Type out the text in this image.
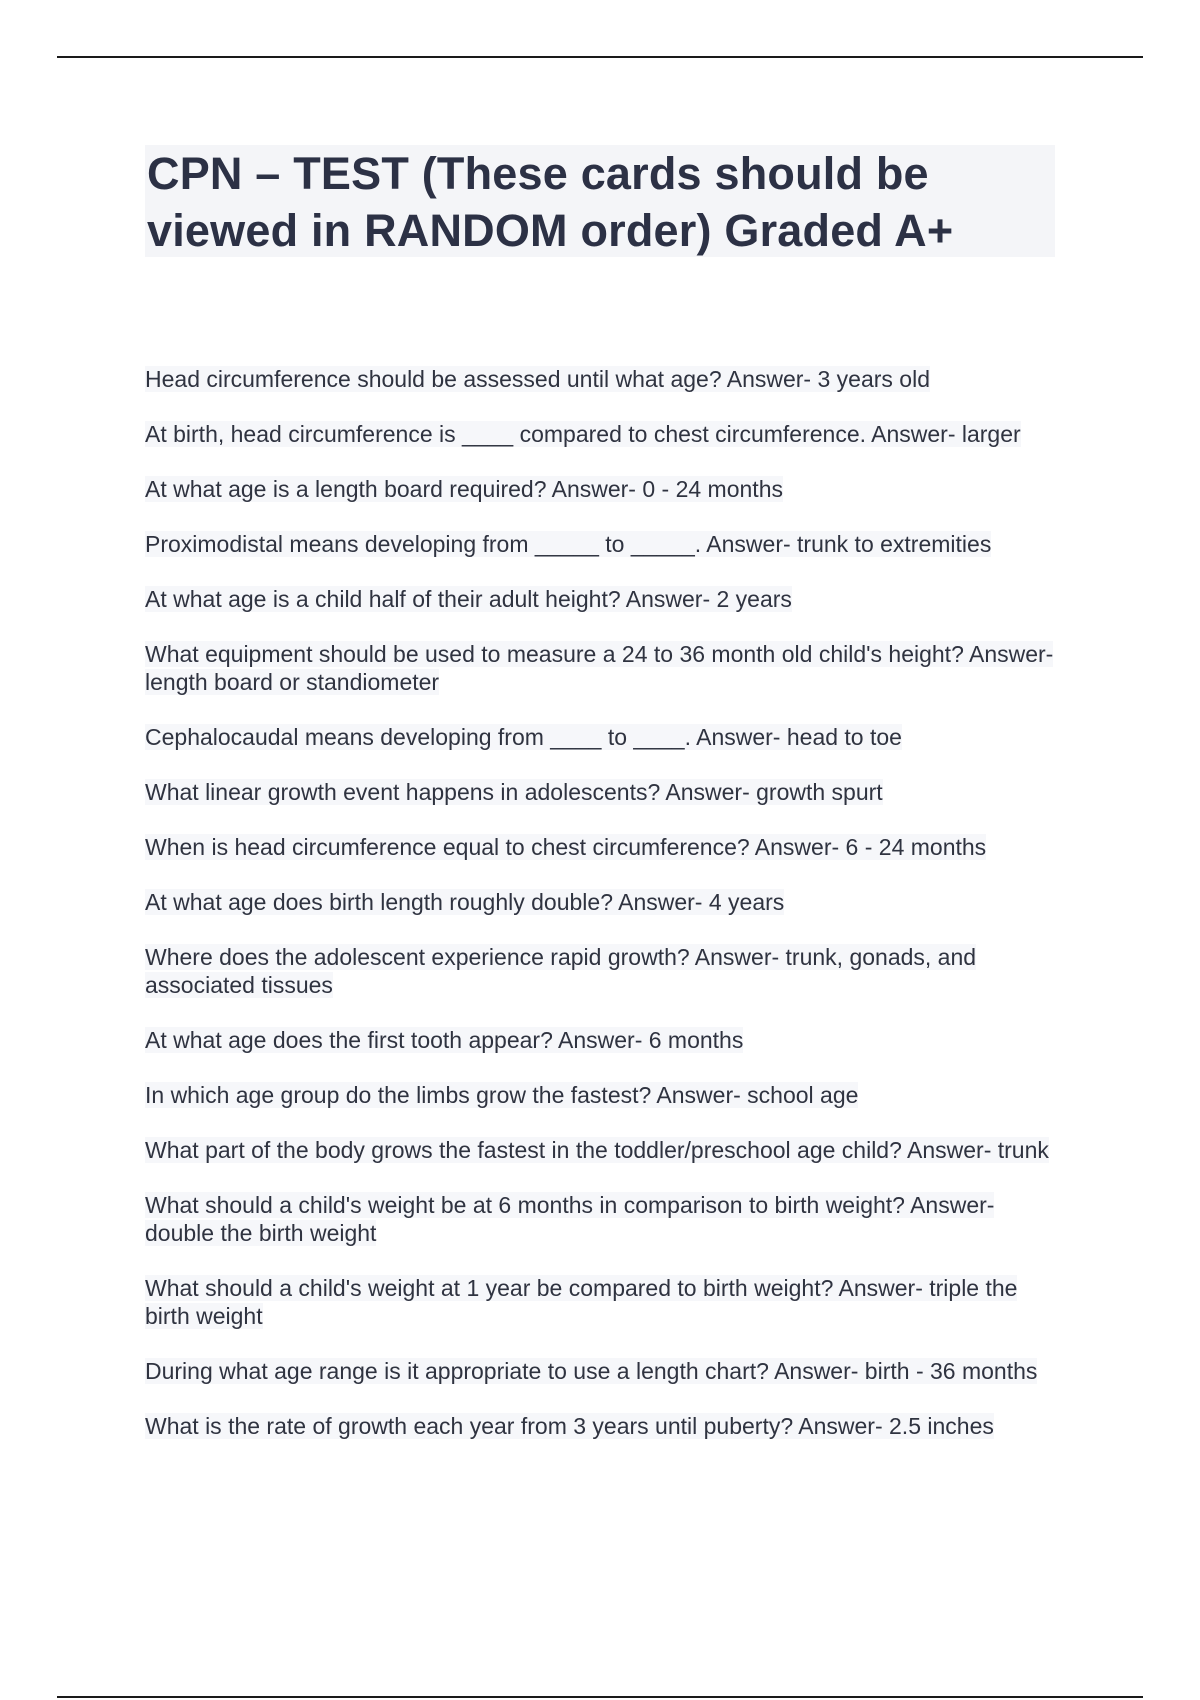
CPN – TEST (These cards should be viewed in RANDOM order) Graded A+
Head circumference should be assessed until what age? Answer- 3 years old
At birth, head circumference is ____ compared to chest circumference. Answer- larger
At what age is a length board required? Answer- 0 - 24 months
Proximodistal means developing from _____ to _____. Answer- trunk to extremities
At what age is a child half of their adult height? Answer- 2 years
What equipment should be used to measure a 24 to 36 month old child's height? Answer- length board or standiometer
Cephalocaudal means developing from ____ to ____. Answer- head to toe
What linear growth event happens in adolescents? Answer- growth spurt
When is head circumference equal to chest circumference? Answer- 6 - 24 months
At what age does birth length roughly double? Answer- 4 years
Where does the adolescent experience rapid growth? Answer- trunk, gonads, and associated tissues
At what age does the first tooth appear? Answer- 6 months
In which age group do the limbs grow the fastest? Answer- school age
What part of the body grows the fastest in the toddler/preschool age child? Answer- trunk
What should a child's weight be at 6 months in comparison to birth weight? Answer- double the birth weight
What should a child's weight at 1 year be compared to birth weight? Answer- triple the birth weight
During what age range is it appropriate to use a length chart? Answer- birth - 36 months
What is the rate of growth each year from 3 years until puberty? Answer- 2.5 inches
